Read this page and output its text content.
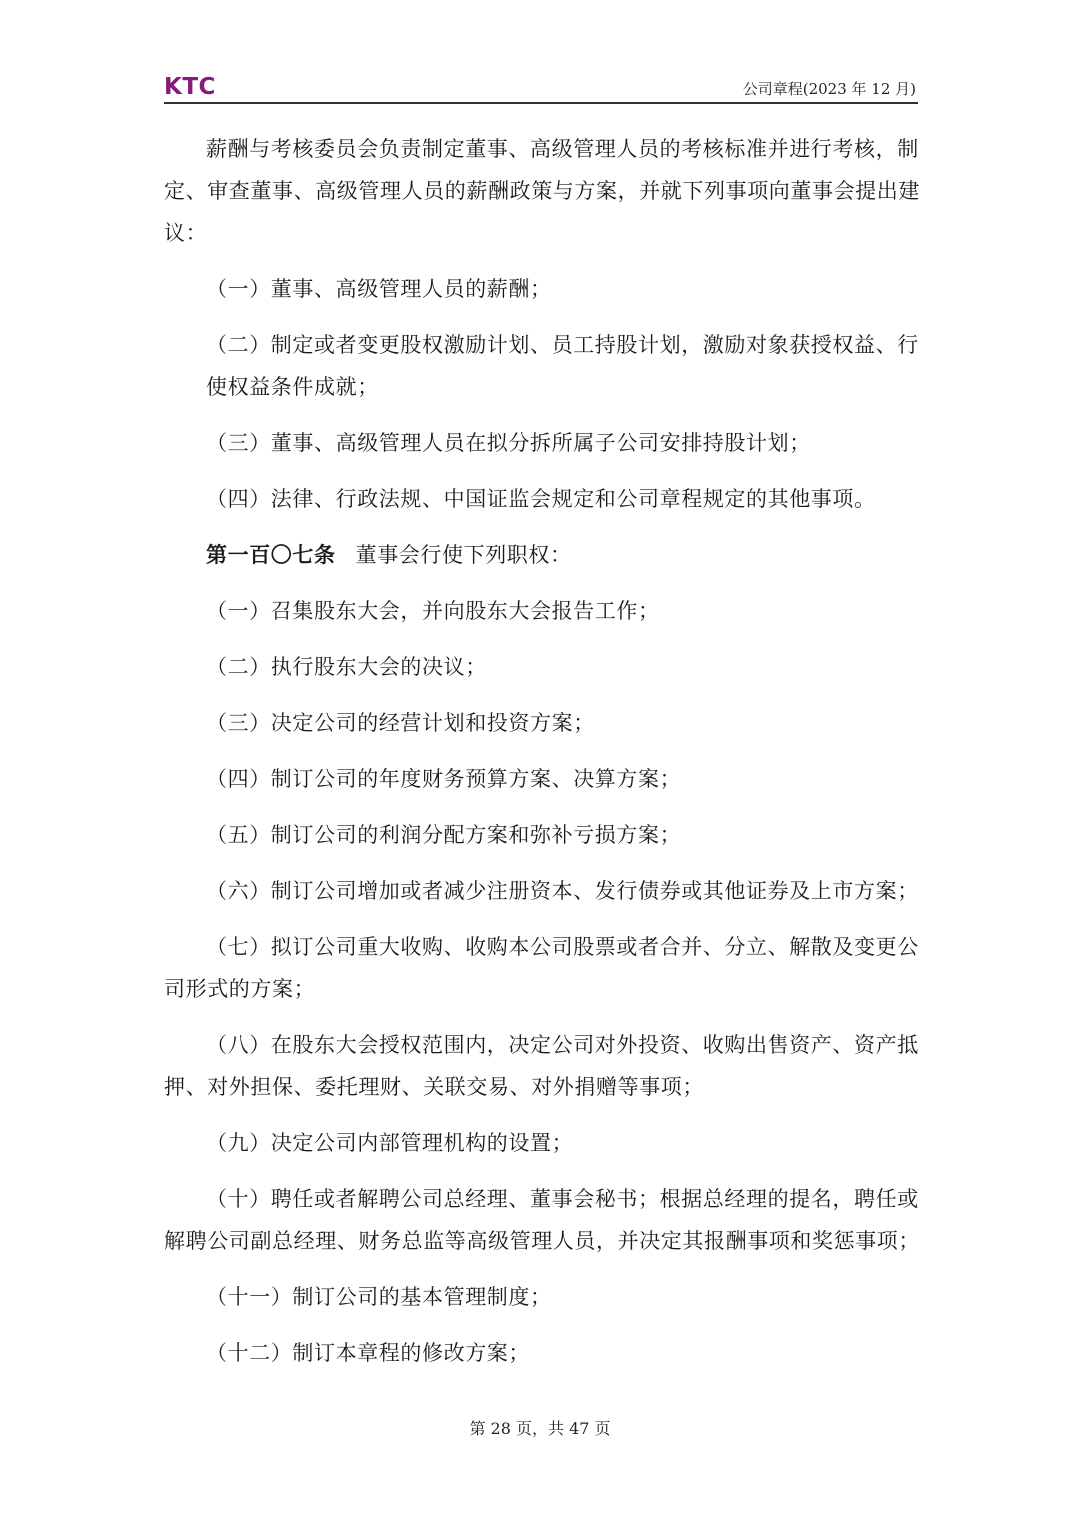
KTC	公司章程(2023 年 12 月)

薪酬与考核委员会负责制定董事、高级管理人员的考核标准并进行考核，制定、审查董事、高级管理人员的薪酬政策与方案，并就下列事项向董事会提出建议：

（一）董事、高级管理人员的薪酬；

（二）制定或者变更股权激励计划、员工持股计划，激励对象获授权益、行使权益条件成就；

（三）董事、高级管理人员在拟分拆所属子公司安排持股计划；

（四）法律、行政法规、中国证监会规定和公司章程规定的其他事项。

第一百〇七条 董事会行使下列职权：

（一）召集股东大会，并向股东大会报告工作；

（二）执行股东大会的决议；

（三）决定公司的经营计划和投资方案；

（四）制订公司的年度财务预算方案、决算方案；

（五）制订公司的利润分配方案和弥补亏损方案；

（六）制订公司增加或者减少注册资本、发行债券或其他证券及上市方案；

（七）拟订公司重大收购、收购本公司股票或者合并、分立、解散及变更公司形式的方案；

（八）在股东大会授权范围内，决定公司对外投资、收购出售资产、资产抵押、对外担保、委托理财、关联交易、对外捐赠等事项；

（九）决定公司内部管理机构的设置；

（十）聘任或者解聘公司总经理、董事会秘书；根据总经理的提名，聘任或解聘公司副总经理、财务总监等高级管理人员，并决定其报酬事项和奖惩事项；

（十一）制订公司的基本管理制度；

（十二）制订本章程的修改方案；

第 28 页，共 47 页
